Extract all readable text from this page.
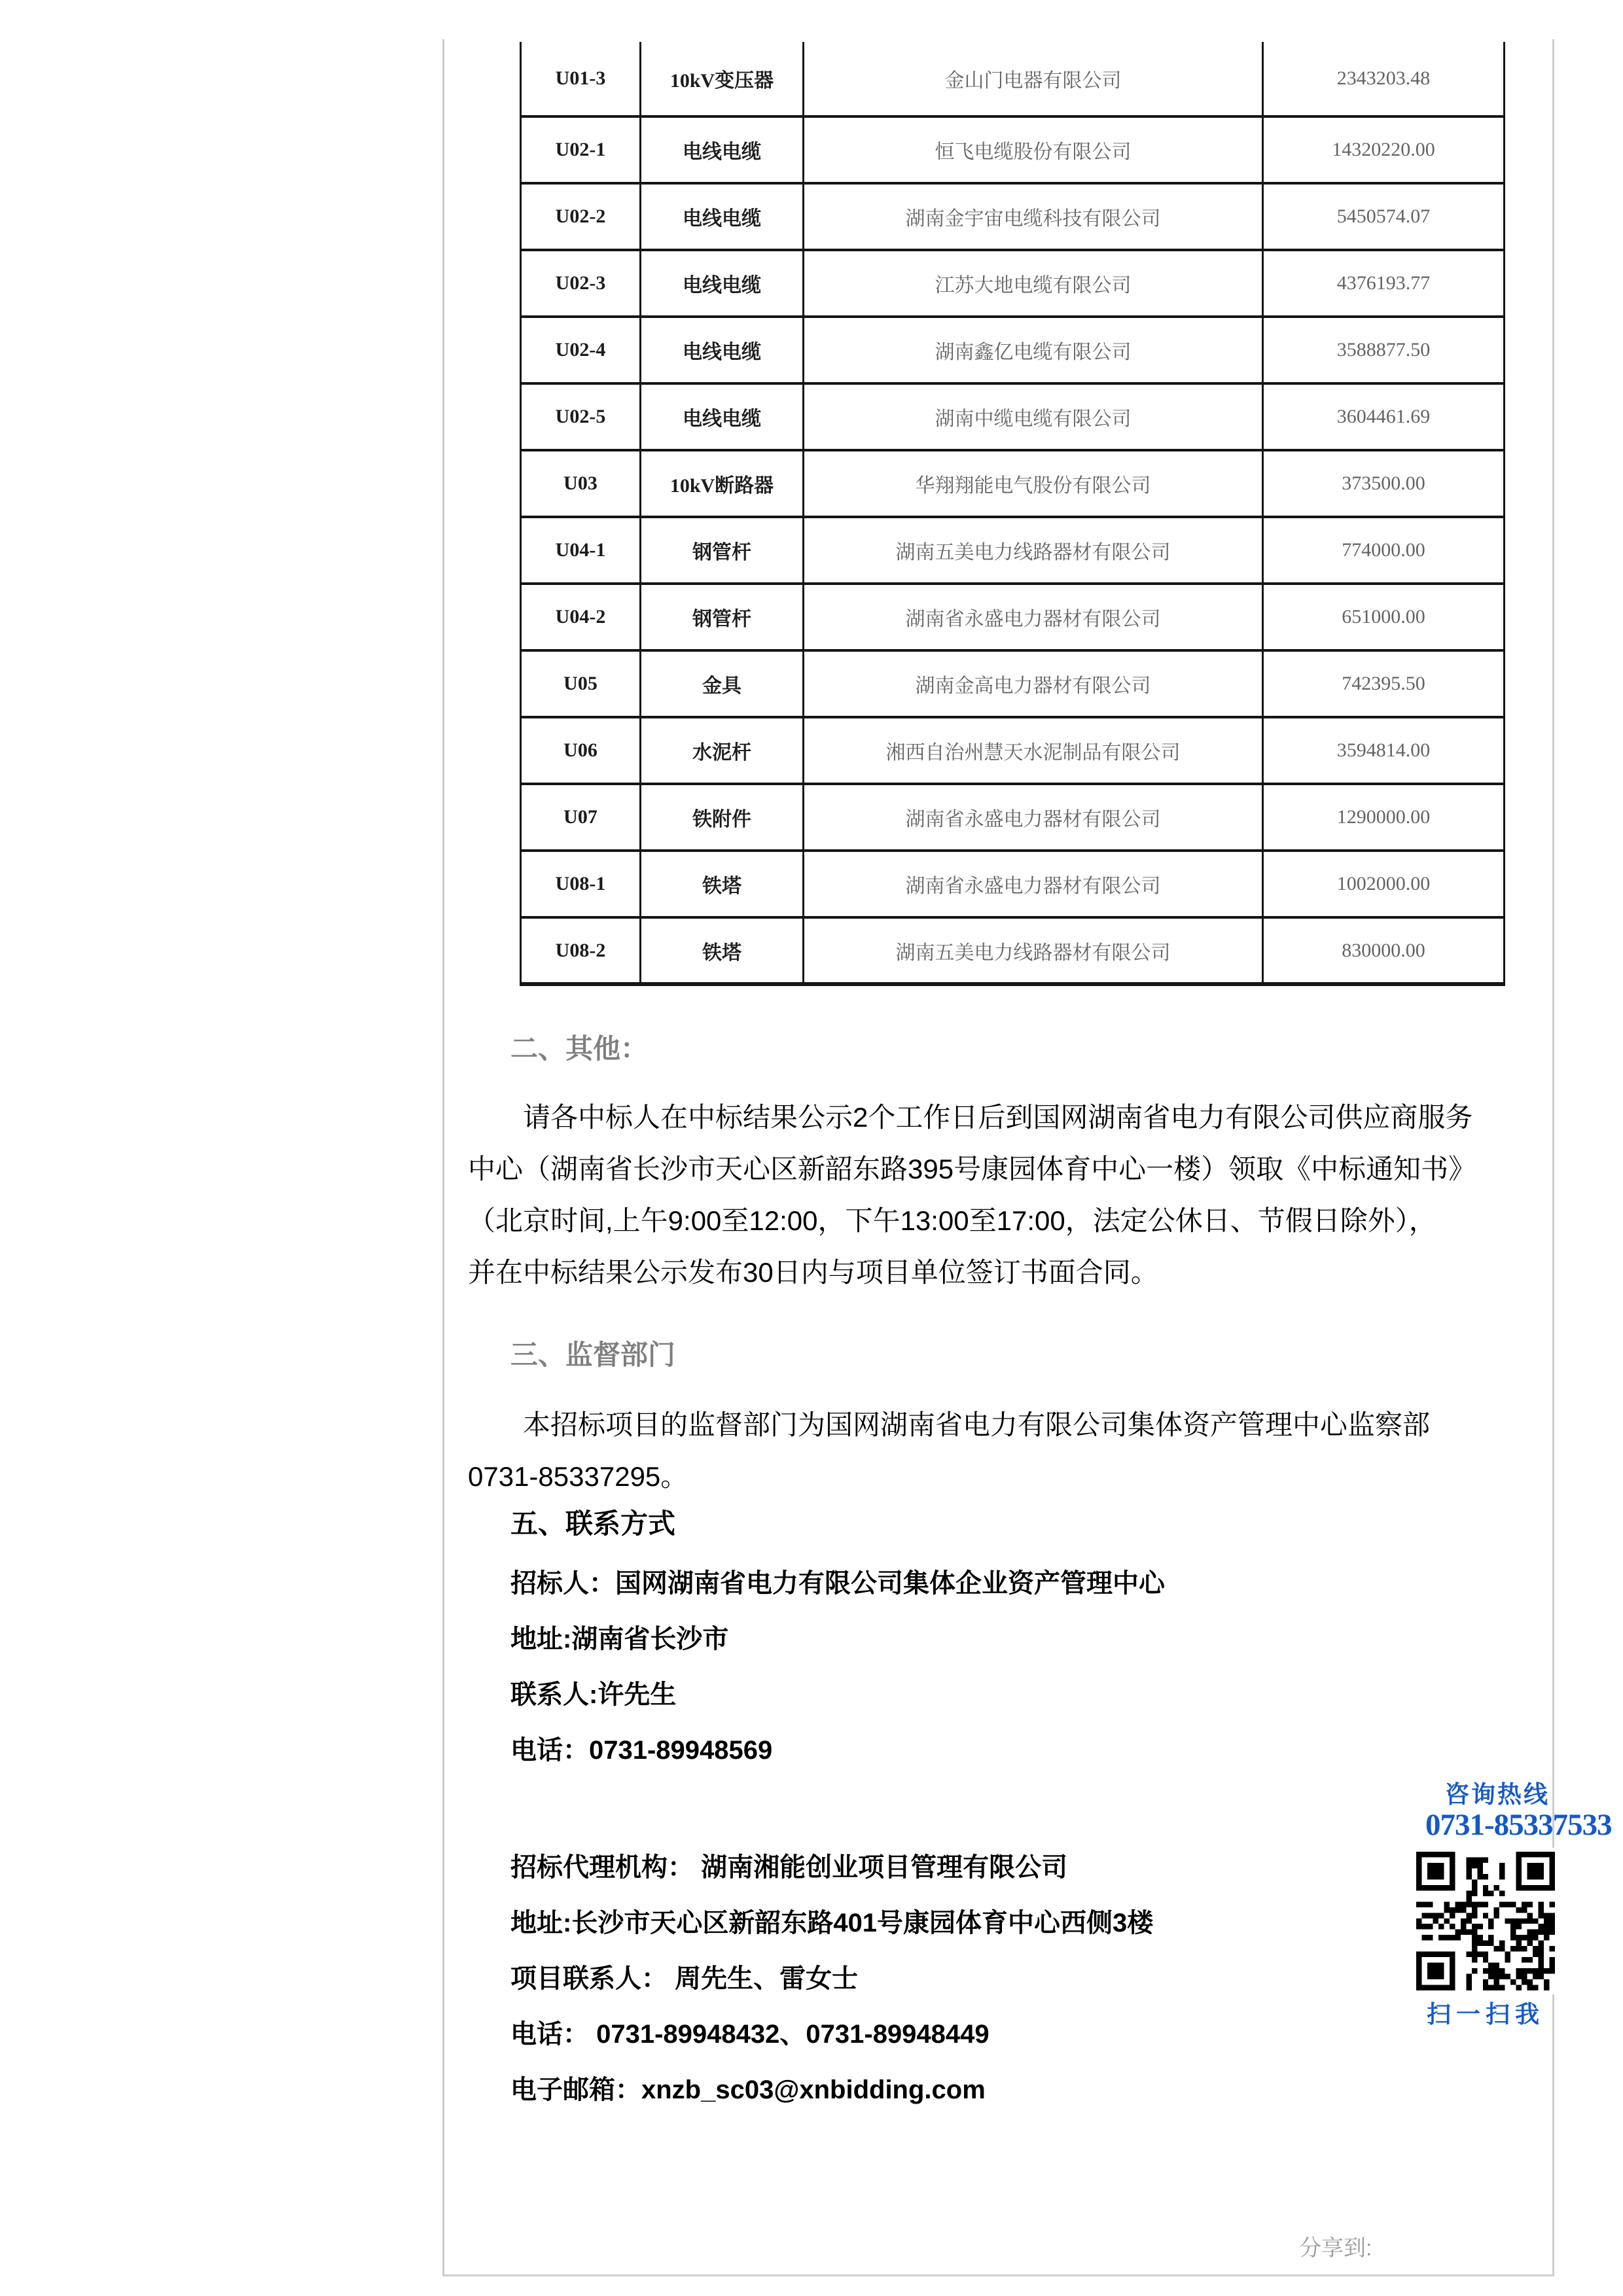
U01-3	10kV变压器	金山门电器有限公司	2343203.48
U02-1	电线电缆	恒飞电缆股份有限公司	14320220.00
U02-2	电线电缆	湖南金宇宙电缆科技有限公司	5450574.07
U02-3	电线电缆	江苏大地电缆有限公司	4376193.77
U02-4	电线电缆	湖南鑫亿电缆有限公司	3588877.50
U02-5	电线电缆	湖南中缆电缆有限公司	3604461.69
U03	10kV断路器	华翔翔能电气股份有限公司	373500.00
U04-1	钢管杆	湖南五美电力线路器材有限公司	774000.00
U04-2	钢管杆	湖南省永盛电力器材有限公司	651000.00
U05	金具	湖南金高电力器材有限公司	742395.50
U06	水泥杆	湘西自治州慧天水泥制品有限公司	3594814.00
U07	铁附件	湖南省永盛电力器材有限公司	1290000.00
U08-1	铁塔	湖南省永盛电力器材有限公司	1002000.00
U08-2	铁塔	湖南五美电力线路器材有限公司	830000.00
二、其他：
请各中标人在中标结果公示2个工作日后到国网湖南省电力有限公司供应商服务
中心（湖南省长沙市天心区新韶东路395号康园体育中心一楼）领取《中标通知书》
（北京时间,上午9:00至12:00，下午13:00至17:00，法定公休日、节假日除外），
并在中标结果公示发布30日内与项目单位签订书面合同。
三、监督部门
本招标项目的监督部门为国网湖南省电力有限公司集体资产管理中心监察部
0731-85337295。
五、联系方式
招标人：国网湖南省电力有限公司集体企业资产管理中心
地址:湖南省长沙市
联系人:许先生
电话：0731-89948569
招标代理机构： 湖南湘能创业项目管理有限公司
地址:长沙市天心区新韶东路401号康园体育中心西侧3楼
项目联系人： 周先生、雷女士
电话： 0731-89948432、0731-89948449
电子邮箱：xnzb_sc03@xnbidding.com
咨询热线
0731-85337533
扫一扫我
分享到:
